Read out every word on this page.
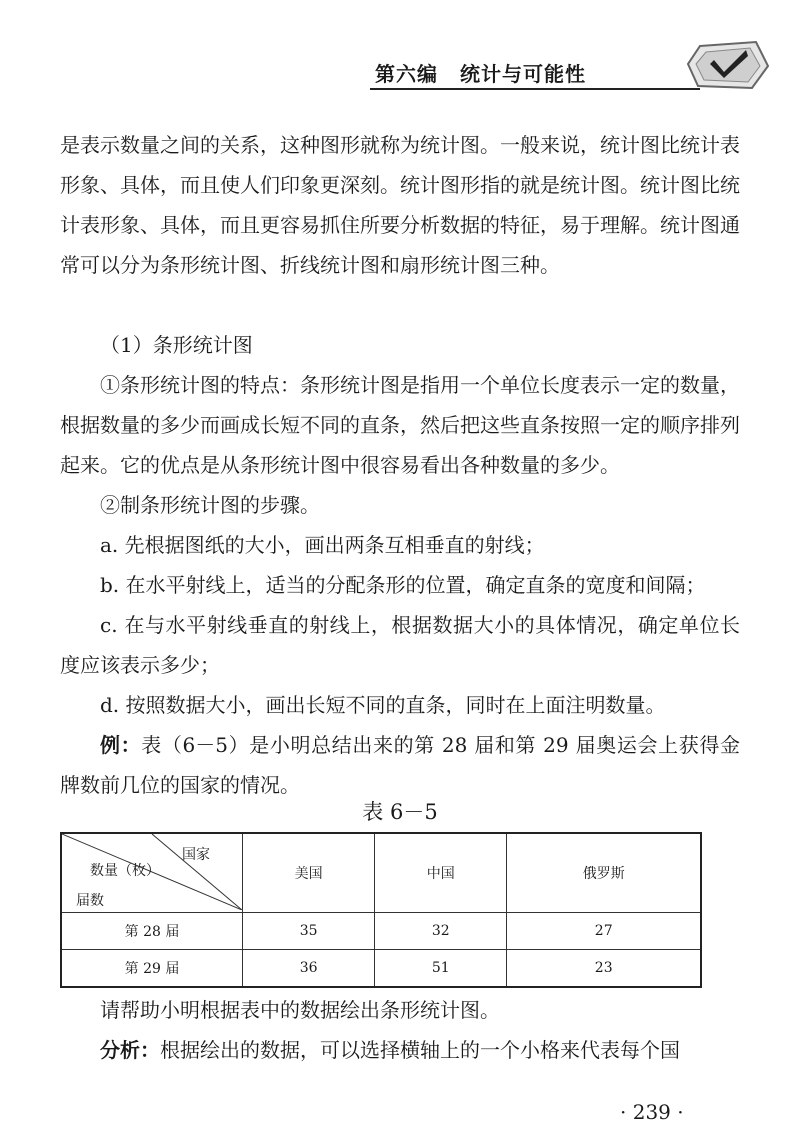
第六编 统计与可能性

是表示数量之间的关系，这种图形就称为统计图。一般来说，统计图比统计表形象、具体，而且使人们印象更深刻。统计图形指的就是统计图。统计图比统计表形象、具体，而且更容易抓住所要分析数据的特征，易于理解。统计图通常可以分为条形统计图、折线统计图和扇形统计图三种。

（1）条形统计图

①条形统计图的特点：条形统计图是指用一个单位长度表示一定的数量，根据数量的多少而画成长短不同的直条，然后把这些直条按照一定的顺序排列起来。它的优点是从条形统计图中很容易看出各种数量的多少。

②制条形统计图的步骤。

a. 先根据图纸的大小，画出两条互相垂直的射线；

b. 在水平射线上，适当的分配条形的位置，确定直条的宽度和间隔；

c. 在与水平射线垂直的射线上，根据数据大小的具体情况，确定单位长度应该表示多少；

d. 按照数据大小，画出长短不同的直条，同时在上面注明数量。

例：表（6－5）是小明总结出来的第 28 届和第 29 届奥运会上获得金牌数前几位的国家的情况。

表 6－5
国家
数量（枚）
届数	美国	中国	俄罗斯
第 28 届	35	32	27
第 29 届	36	51	23

请帮助小明根据表中的数据绘出条形统计图。

分析：根据绘出的数据，可以选择横轴上的一个小格来代表每个国

· 239 ·
